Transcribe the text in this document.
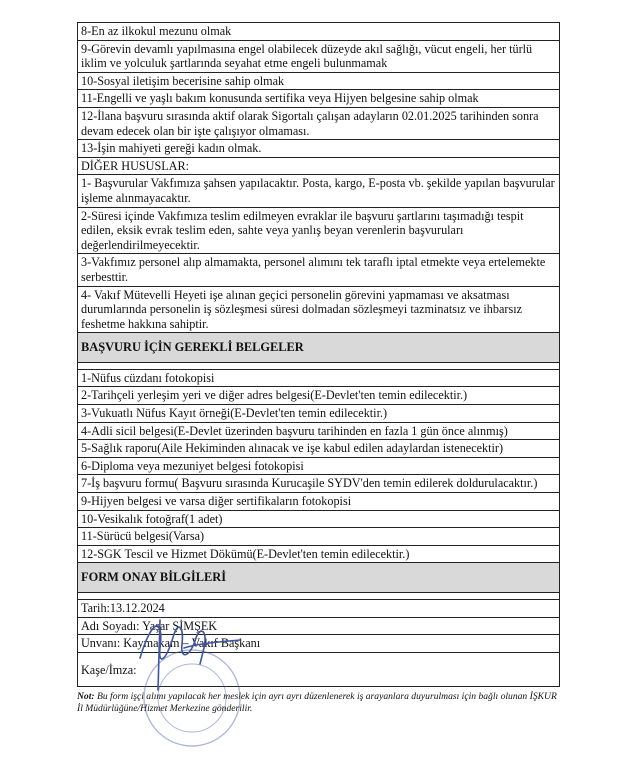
8-En az ilkokul mezunu olmak
9-Görevin devamlı yapılmasına engel olabilecek düzeyde akıl sağlığı, vücut engeli, her türlü iklim ve yolculuk şartlarında seyahat etme engeli bulunmamak
10-Sosyal iletişim becerisine sahip olmak
11-Engelli ve yaşlı bakım konusunda sertifika veya Hijyen belgesine sahip olmak
12-İlana başvuru sırasında aktif olarak Sigortalı çalışan adayların 02.01.2025 tarihinden sonra devam edecek olan bir işte çalışıyor olmaması.
13-İşin mahiyeti gereği kadın olmak.
DİĞER HUSUSLAR:
1- Başvurular Vakfımıza şahsen yapılacaktır. Posta, kargo, E-posta vb. şekilde yapılan başvurular işleme alınmayacaktır.
2-Süresi içinde Vakfımıza teslim edilmeyen evraklar ile başvuru şartlarını taşımadığı tespit edilen, eksik evrak teslim eden, sahte veya yanlış beyan verenlerin başvuruları değerlendirilmeyecektir.
3-Vakfımız personel alıp almamakta, personel alımını tek taraflı iptal etmekte veya ertelemekte serbesttir.
4- Vakıf Mütevelli Heyeti işe alınan geçici personelin görevini yapmaması ve aksatması durumlarında personelin iş sözleşmesi süresi dolmadan sözleşmeyi tazminatsız ve ihbarsız feshetme hakkına sahiptir.
BAŞVURU İÇİN GEREKLİ BELGELER

1-Nüfus cüzdanı fotokopisi
2-Tarihçeli yerleşim yeri ve diğer adres belgesi(E-Devlet'ten temin edilecektir.)
3-Vukuatlı Nüfus Kayıt örneği(E-Devlet'ten temin edilecektir.)
4-Adli sicil belgesi(E-Devlet üzerinden başvuru tarihinden en fazla 1 gün önce alınmış)
5-Sağlık raporu(Aile Hekiminden alınacak ve işe kabul edilen adaylardan istenecektir)
6-Diploma veya mezuniyet belgesi fotokopisi
7-İş başvuru formu( Başvuru sırasında Kurucaşile SYDV'den temin edilerek doldurulacaktır.)
9-Hijyen belgesi ve varsa diğer sertifikaların fotokopisi
10-Vesikalık fotoğraf(1 adet)
11-Sürücü belgesi(Varsa)
12-SGK Tescil ve Hizmet Dökümü(E-Devlet'ten temin edilecektir.)
FORM ONAY BİLGİLERİ

Tarih:13.12.2024
Adı Soyadı: Yaşar ŞİMŞEK
Unvanı: Kaymakam – Vakıf Başkanı
Kaşe/İmza:
Not: Bu form işçi alımı yapılacak her meslek için ayrı ayrı düzenlenerek iş arayanlara duyurulması için bağlı olunan İŞKUR İl Müdürlüğüne/Hizmet Merkezine gönderilir.
